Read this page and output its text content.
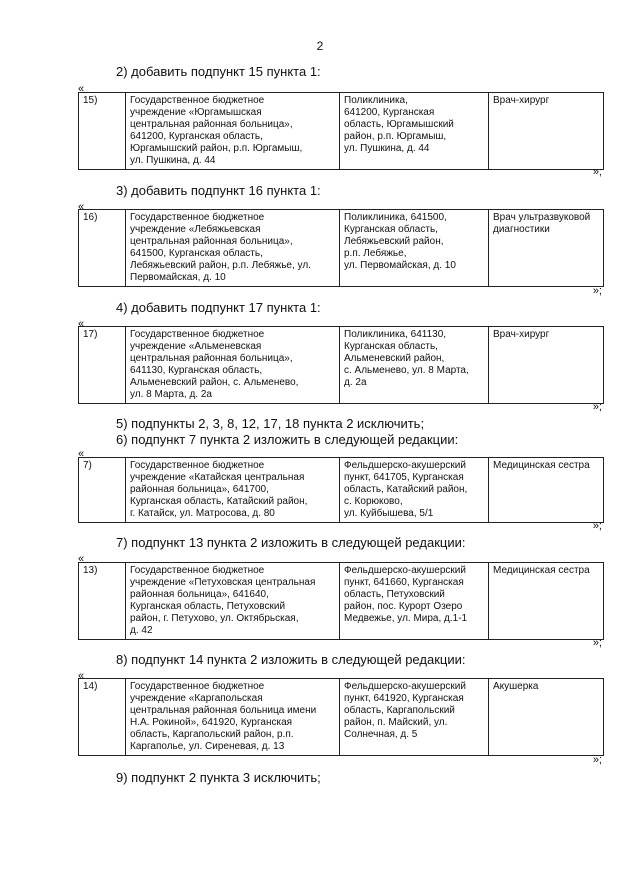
2
2) добавить подпункт 15 пункта 1:
«
15)	Государственное бюджетное
учреждение «Юргамышская
центральная районная больница»,
641200, Курганская область,
Юргамышский район, р.п. Юргамыш,
ул. Пушкина, д. 44	Поликлиника,
641200, Курганская
область, Юргамышский
район, р.п. Юргамыш,
ул. Пушкина, д. 44	Врач-хирург
»;
3) добавить подпункт 16 пункта 1:
«
16)	Государственное бюджетное
учреждение «Лебяжьевская
центральная районная больница»,
641500, Курганская область,
Лебяжьевский район, р.п. Лебяжье, ул.
Первомайская, д. 10	Поликлиника, 641500,
Курганская область,
Лебяжьевский район,
р.п. Лебяжье,
ул. Первомайская, д. 10	Врач ультразвуковой
диагностики
»;
4) добавить подпункт 17 пункта 1:
«
17)	Государственное бюджетное
учреждение «Альменевская
центральная районная больница»,
641130, Курганская область,
Альменевский район, с. Альменево,
ул. 8 Марта, д. 2а	Поликлиника, 641130,
Курганская область,
Альменевский район,
с. Альменево, ул. 8 Марта,
д. 2а	Врач-хирург
»;
5) подпункты 2, 3, 8, 12, 17, 18 пункта 2 исключить;
6) подпункт 7 пункта 2 изложить в следующей редакции:
«
7)	Государственное бюджетное
учреждение «Катайская центральная
районная больница», 641700,
Курганская область, Катайский район,
г. Катайск, ул. Матросова, д. 80	Фельдшерско-акушерский
пункт, 641705, Курганская
область, Катайский район,
с. Корюково,
ул. Куйбышева, 5/1	Медицинская сестра
»;
7) подпункт 13 пункта 2 изложить в следующей редакции:
«
13)	Государственное бюджетное
учреждение «Петуховская центральная
районная больница», 641640,
Курганская область, Петуховский
район, г. Петухово, ул. Октябрьская,
д. 42	Фельдшерско-акушерский
пункт, 641660, Курганская
область, Петуховский
район, пос. Курорт Озеро
Медвежье, ул. Мира, д.1-1	Медицинская сестра
»;
8) подпункт 14 пункта 2 изложить в следующей редакции:
«
14)	Государственное бюджетное
учреждение «Каргапольская
центральная районная больница имени
Н.А. Рокиной», 641920, Курганская
область, Каргапольский район, р.п.
Каргаполье, ул. Сиреневая, д. 13	Фельдшерско-акушерский
пункт, 641920, Курганская
область, Каргапольский
район, п. Майский, ул.
Солнечная, д. 5	Акушерка
»;
9) подпункт 2 пункта 3 исключить;
